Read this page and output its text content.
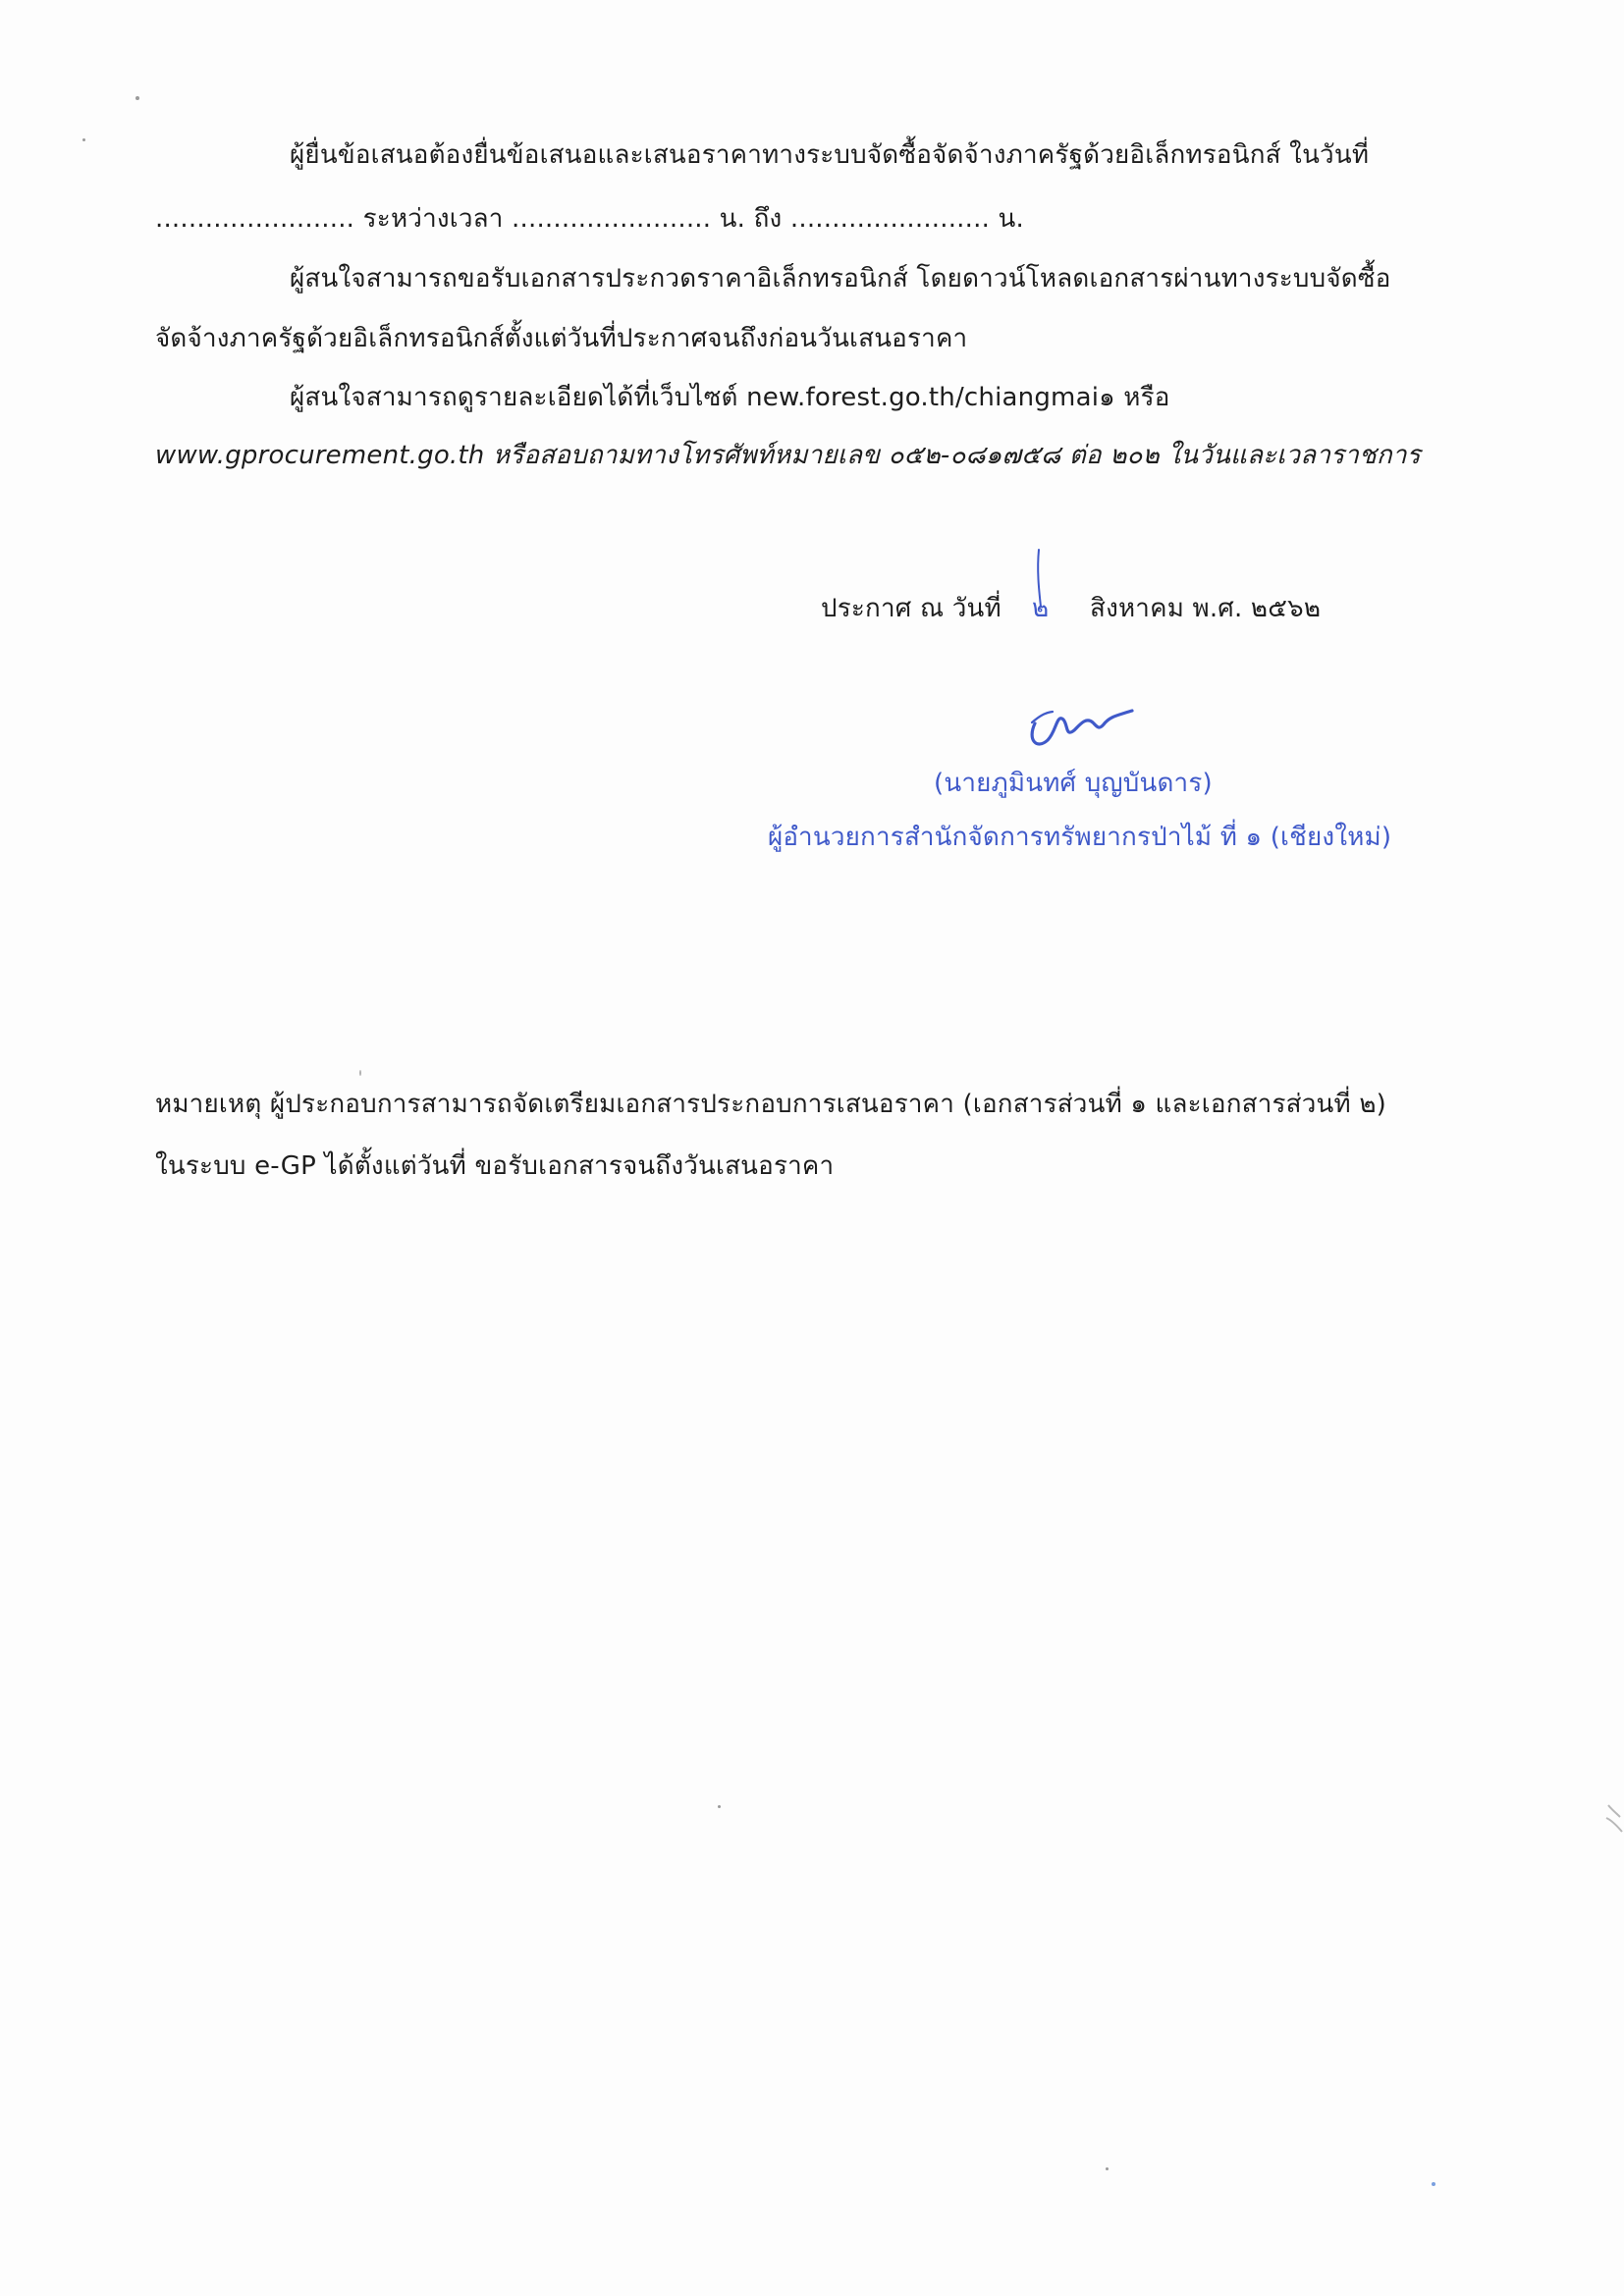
ผู้ยื่นข้อเสนอต้องยื่นข้อเสนอและเสนอราคาทางระบบจัดซื้อจัดจ้างภาครัฐด้วยอิเล็กทรอนิกส์ ในวันที่
........................ ระหว่างเวลา ........................ น. ถึง ........................ น.
ผู้สนใจสามารถขอรับเอกสารประกวดราคาอิเล็กทรอนิกส์ โดยดาวน์โหลดเอกสารผ่านทางระบบจัดซื้อ
จัดจ้างภาครัฐด้วยอิเล็กทรอนิกส์ตั้งแต่วันที่ประกาศจนถึงก่อนวันเสนอราคา
ผู้สนใจสามารถดูรายละเอียดได้ที่เว็บไซต์ new.forest.go.th/chiangmai๑ หรือ
www.gprocurement.go.th หรือสอบถามทางโทรศัพท์หมายเลข ๐๕๒-๐๘๑๗๕๘ ต่อ ๒๐๒ ในวันและเวลาราชการ
ประกาศ ณ วันที่ ๒ สิงหาคม พ.ศ. ๒๕๖๒
(นายภูมินทศ์ บุญบันดาร)
ผู้อำนวยการสำนักจัดการทรัพยากรป่าไม้ ที่ ๑ (เชียงใหม่)
หมายเหตุ ผู้ประกอบการสามารถจัดเตรียมเอกสารประกอบการเสนอราคา (เอกสารส่วนที่ ๑ และเอกสารส่วนที่ ๒)
ในระบบ e-GP ได้ตั้งแต่วันที่ ขอรับเอกสารจนถึงวันเสนอราคา
